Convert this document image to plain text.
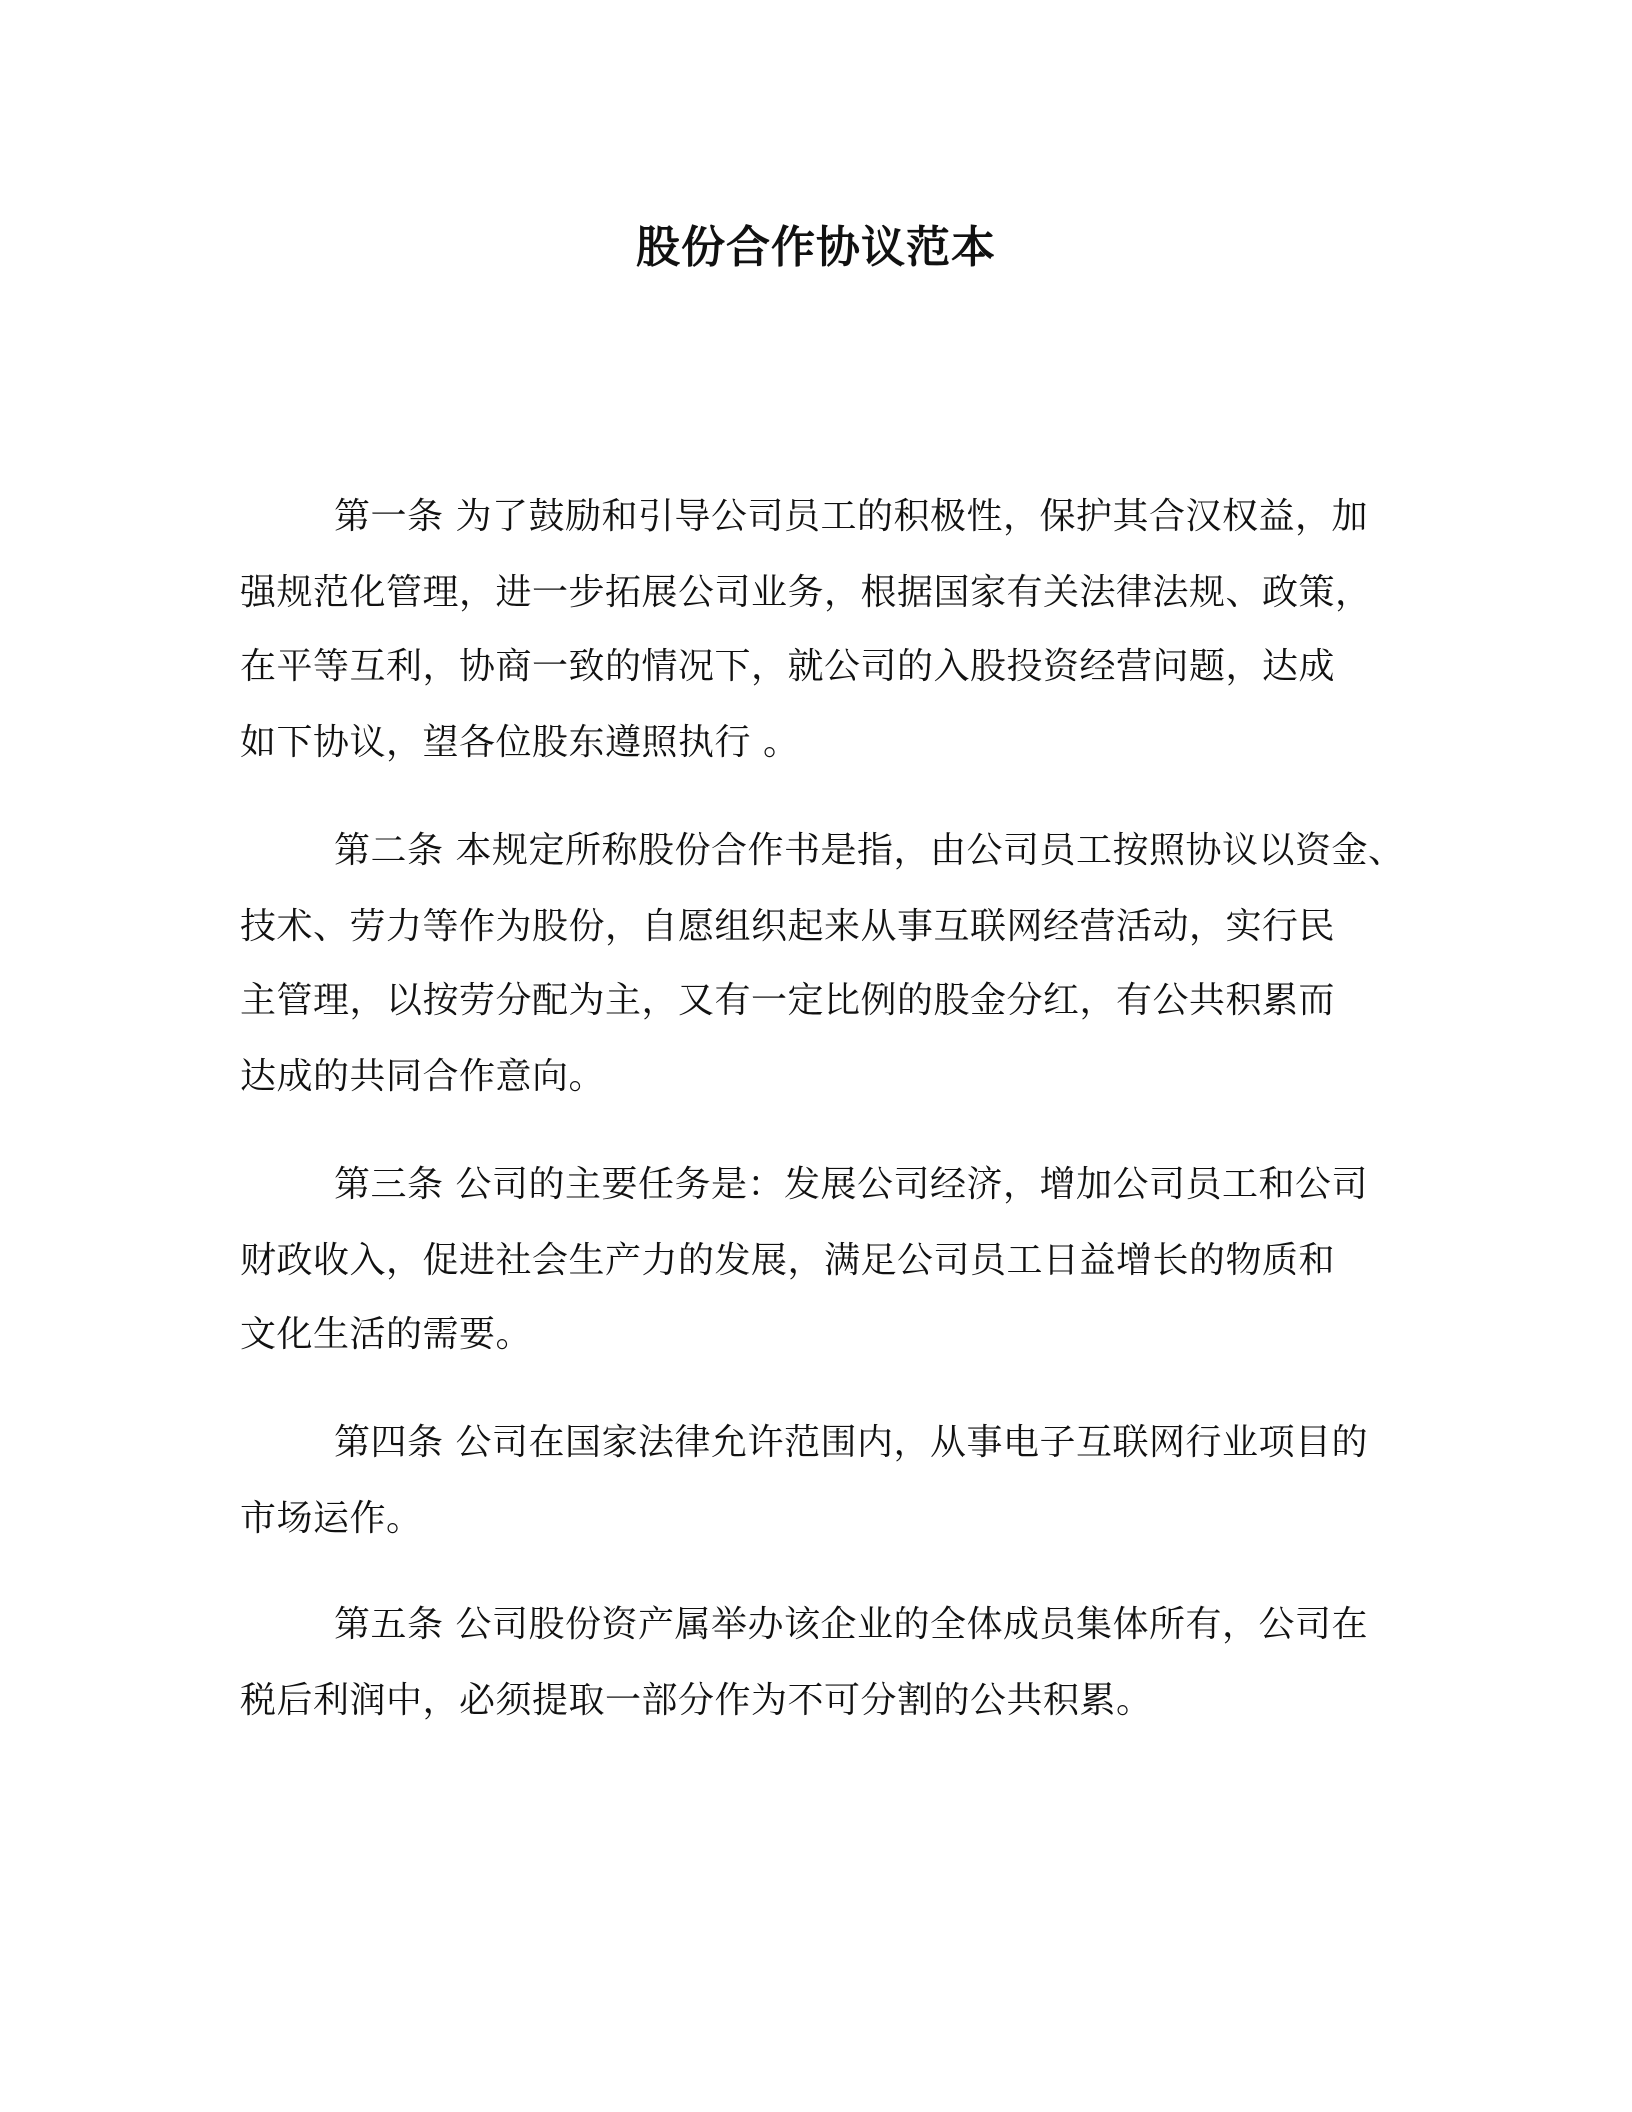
股份合作协议范本

第一条 为了鼓励和引导公司员工的积极性，保护其合汉权益，加

强规范化管理，进一步拓展公司业务，根据国家有关法律法规、政策，

在平等互利，协商一致的情况下，就公司的入股投资经营问题，达成

如下协议，望各位股东遵照执行 。

第二条 本规定所称股份合作书是指，由公司员工按照协议以资金、

技术、劳力等作为股份，自愿组织起来从事互联网经营活动，实行民

主管理，以按劳分配为主，又有一定比例的股金分红，有公共积累而

达成的共同合作意向。

第三条 公司的主要任务是：发展公司经济，增加公司员工和公司

财政收入，促进社会生产力的发展，满足公司员工日益增长的物质和

文化生活的需要。

第四条 公司在国家法律允许范围内，从事电子互联网行业项目的

市场运作。

第五条 公司股份资产属举办该企业的全体成员集体所有，公司在

税后利润中，必须提取一部分作为不可分割的公共积累。
